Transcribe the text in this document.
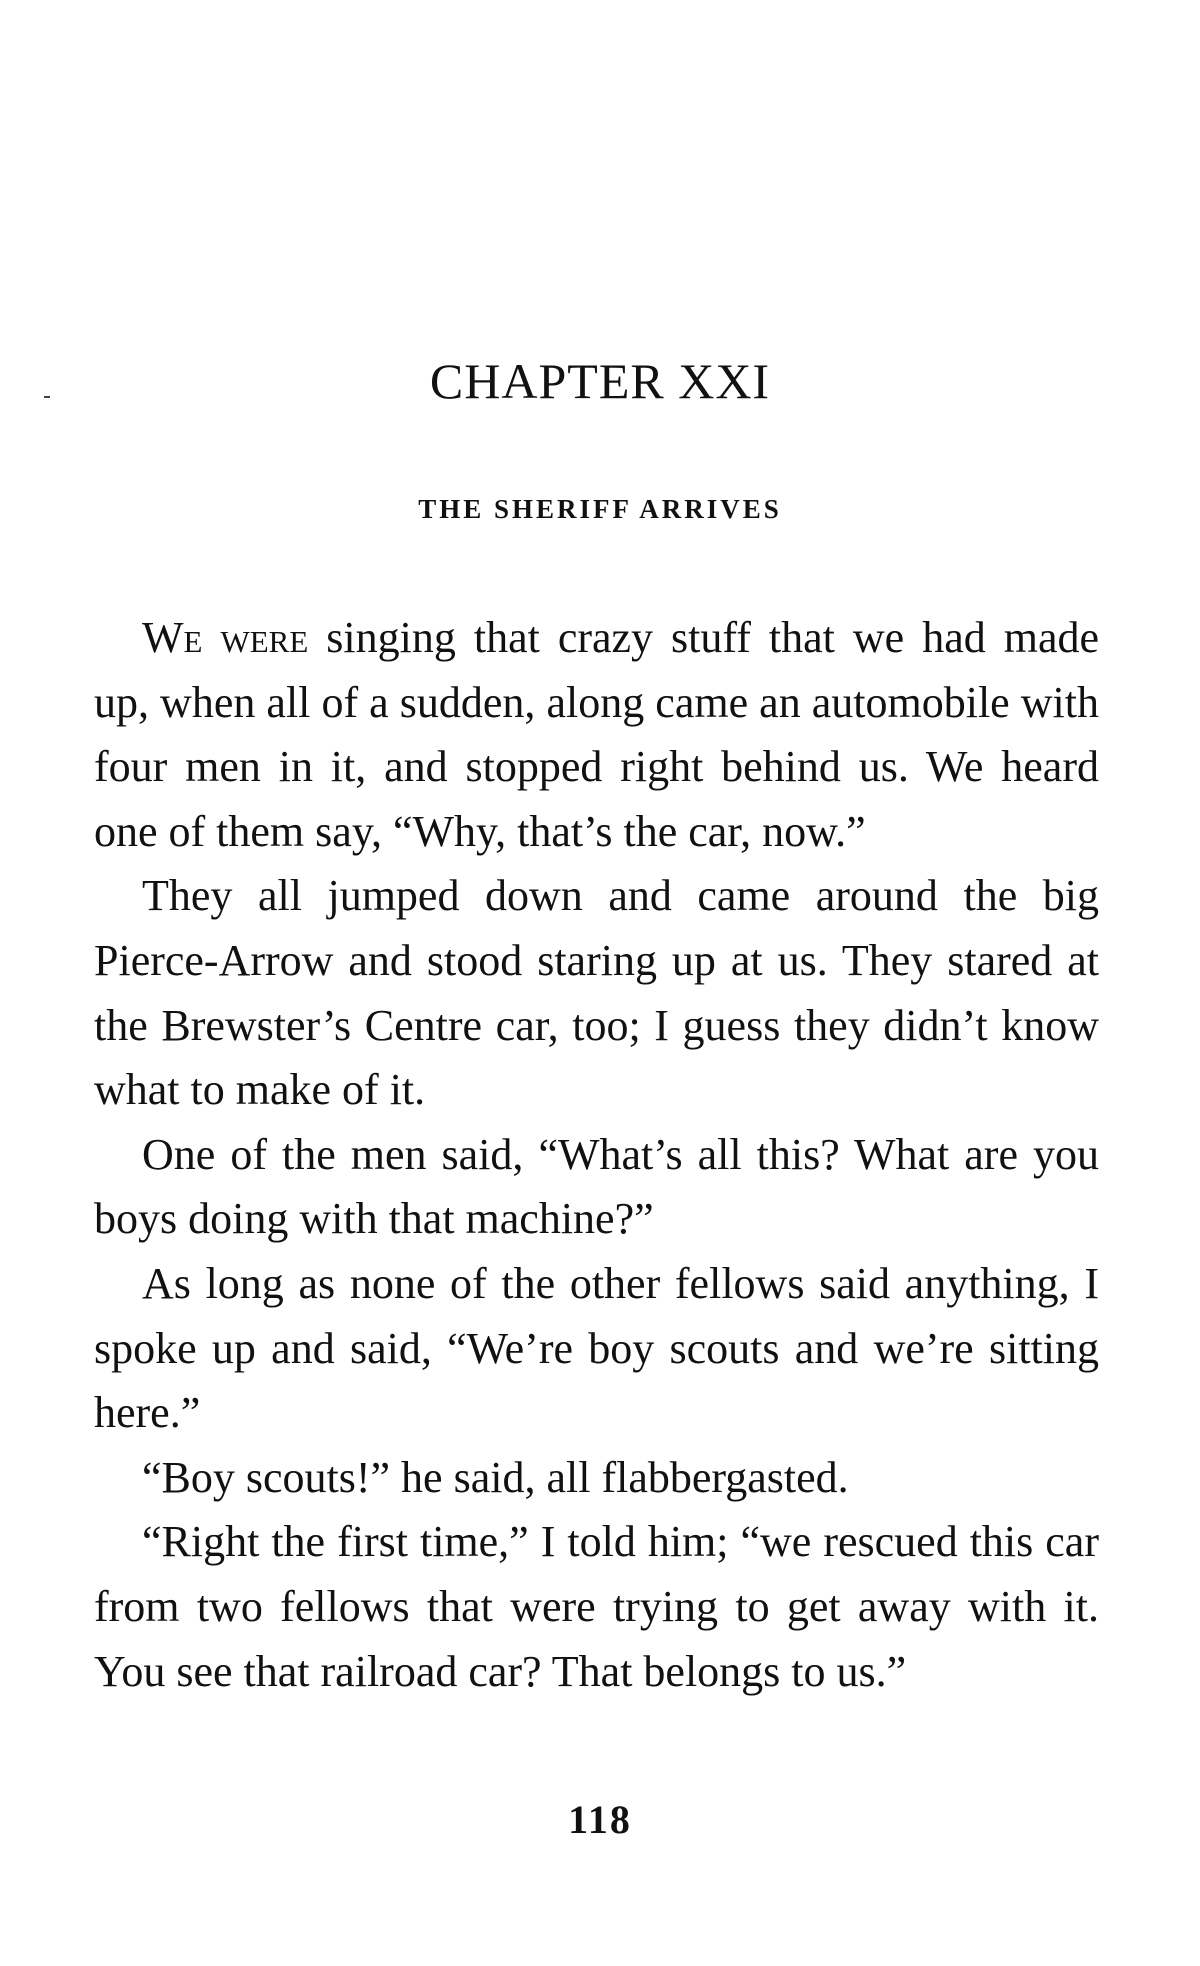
CHAPTER XXI
THE SHERIFF ARRIVES

We were singing that crazy stuff that we had made up, when all of a sudden, along came an automobile with four men in it, and stopped right behind us. We heard one of them say, “Why, that’s the car, now.”

They all jumped down and came around the big Pierce-Arrow and stood staring up at us. They stared at the Brewster’s Centre car, too; I guess they didn’t know what to make of it.

One of the men said, “What’s all this? What are you boys doing with that machine?”

As long as none of the other fellows said anything, I spoke up and said, “We’re boy scouts and we’re sitting here.”

“Boy scouts!” he said, all flabbergasted.

“Right the first time,” I told him; “we rescued this car from two fellows that were trying to get away with it. You see that railroad car? That belongs to us.”

118
